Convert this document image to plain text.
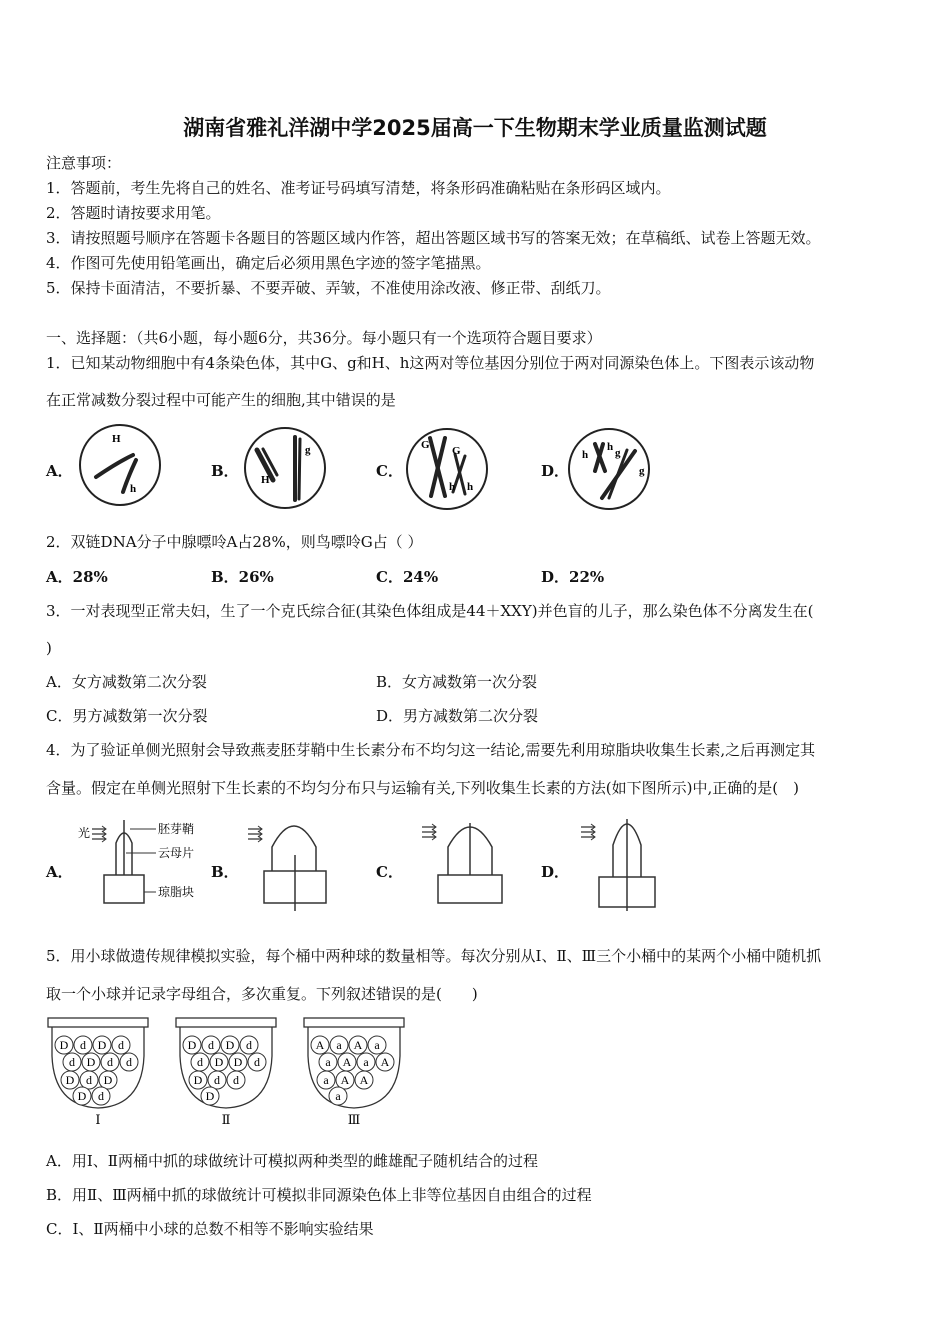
湖南省雅礼洋湖中学2025届高一下生物期末学业质量监测试题
注意事项：
1．答题前，考生先将自己的姓名、准考证号码填写清楚，将条形码准确粘贴在条形码区域内。
2．答题时请按要求用笔。
3．请按照题号顺序在答题卡各题目的答题区域内作答，超出答题区域书写的答案无效；在草稿纸、试卷上答题无效。
4．作图可先使用铅笔画出，确定后必须用黑色字迹的签字笔描黑。
5．保持卡面清洁，不要折暴、不要弄破、弄皱，不准使用涂改液、修正带、刮纸刀。
一、选择题：（共6小题，每小题6分，共36分。每小题只有一个选项符合题目要求）
1．已知某动物细胞中有4条染色体，其中G、g和H、h这两对等位基因分别位于两对同源染色体上。下图表示该动物
在正常减数分裂过程中可能产生的细胞,其中错误的是
A．	B．	C．	D．
H
h
H
g	G G
h h
h
h g
g
2．双链DNA分子中腺嘌呤A占28%，则鸟嘌呤G占（ ）
A．28%	B．26%	C．24%	D．22%
3．一对表现型正常夫妇，生了一个克氏综合征(其染色体组成是44＋XXY)并色盲的儿子，那么染色体不分离发生在(
)
A．女方减数第二次分裂	B．女方减数第一次分裂
C．男方减数第一次分裂	D．男方减数第二次分裂
4．为了验证单侧光照射会导致燕麦胚芽鞘中生长素分布不均匀这一结论,需要先利用琼脂块收集生长素,之后再测定其
含量。假定在单侧光照射下生长素的不均匀分布只与运输有关,下列收集生长素的方法(如下图所示)中,正确的是(　)
A．	B．	C．	D．
光	胚芽鞘
云母片
琼脂块
5．用小球做遗传规律模拟实验，每个桶中两种球的数量相等。每次分别从Ⅰ、Ⅱ、Ⅲ三个小桶中的某两个小桶中随机抓
取一个小球并记录字母组合，多次重复。下列叙述错误的是(　　)
D d D d
d D d d
D d D
D d
Ⅰ
D d D d
d D D d
D d d
D
Ⅱ
A a A a
a A a A
a A A
a
Ⅲ
A．用Ⅰ、Ⅱ两桶中抓的球做统计可模拟两种类型的雌雄配子随机结合的过程
B．用Ⅱ、Ⅲ两桶中抓的球做统计可模拟非同源染色体上非等位基因自由组合的过程
C．Ⅰ、Ⅱ两桶中小球的总数不相等不影响实验结果
